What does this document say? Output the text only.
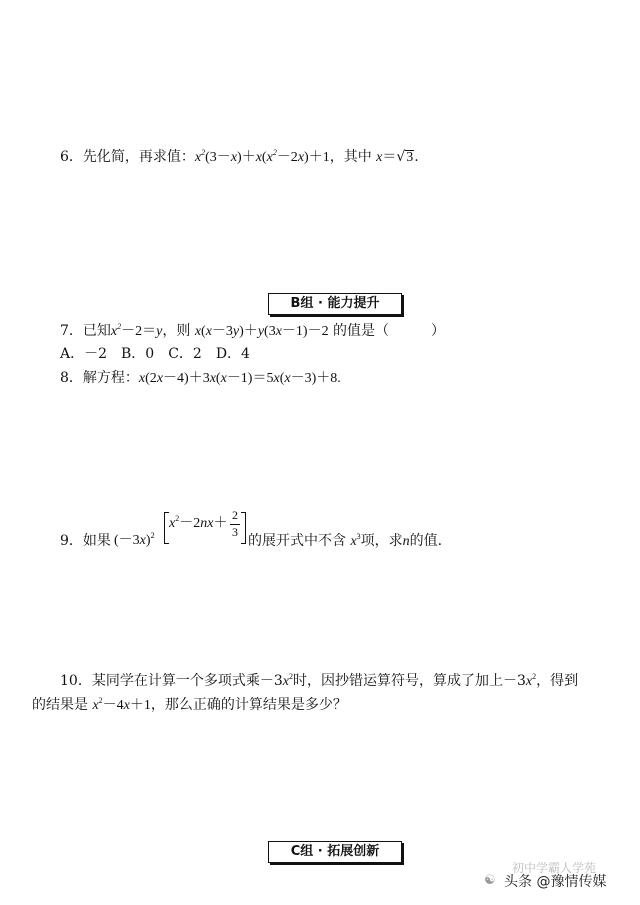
6．先化简，再求值：$x^2(3-x)+x(x^2-2x)+1$，其中 x＝√3.
B组 · 能力提升
7．已知$x^2-2=y$，则 x(x－3y)＋y(3x－1)－2 的值是（　　　）
A．－2　B．0　C．2　D．4
8．解方程：x(2x－4)＋3x(x－1)＝5x(x－3)＋8.
9．如果 $(-3x)^2$
$x^2-2nx+$
2
3
的展开式中不含 $x^3$项，求n的值.
10．某同学在计算一个多项式乘$-3x^2$时，因抄错运算符号，算成了加上$-3x^2$，得到
的结果是 $x^2-4x+1$，那么正确的计算结果是多少？
C组 · 拓展创新
初中学霸人学苑
☯ 头条 @豫情传媒
